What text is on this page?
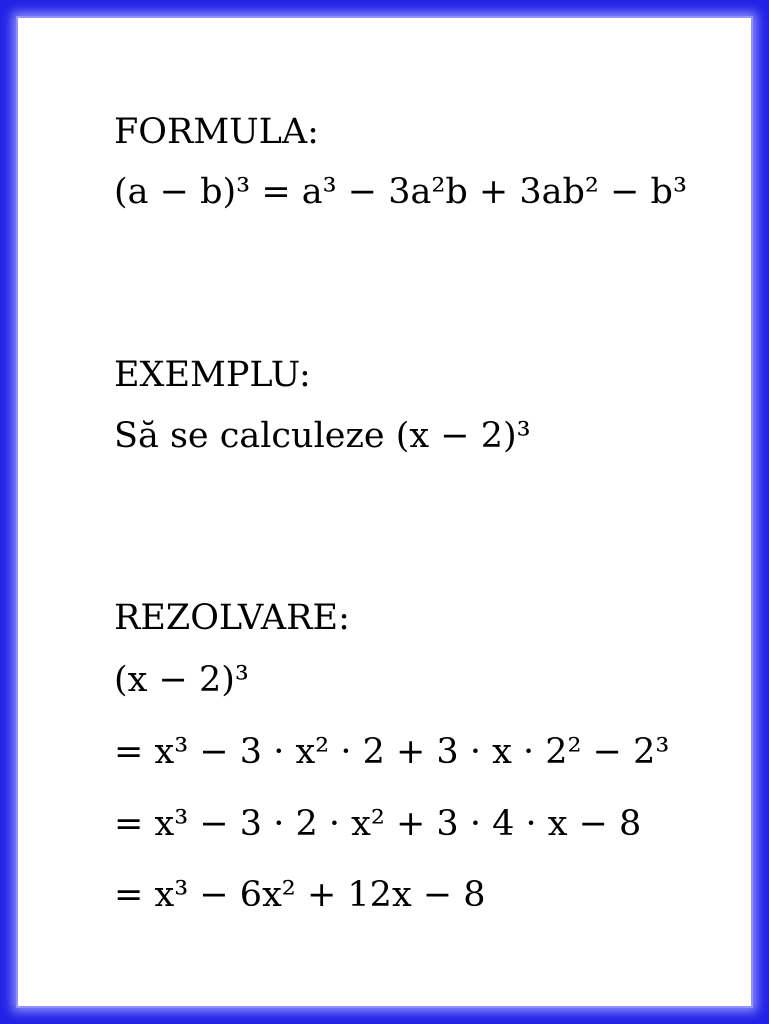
FORMULA:
(a − b)³ = a³ − 3a²b + 3ab² − b³
EXEMPLU:
Să se calculeze (x − 2)³
REZOLVARE:
(x − 2)³
= x³ − 3 · x² · 2 + 3 · x · 2² − 2³
= x³ − 3 · 2 · x² + 3 · 4 · x − 8
= x³ − 6x² + 12x − 8
